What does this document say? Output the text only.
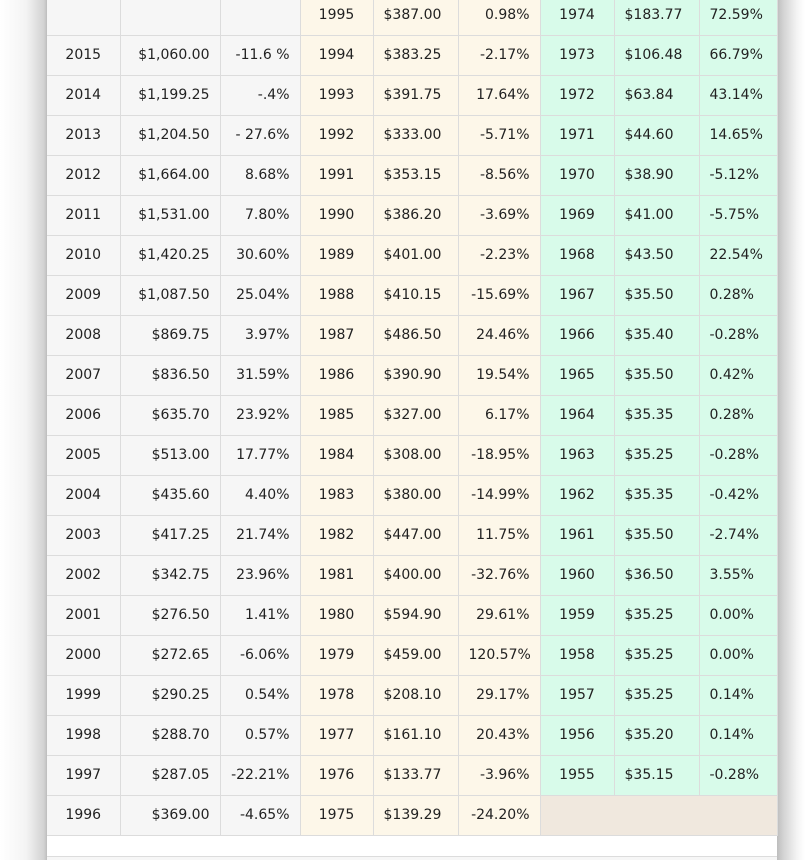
			1995	$387.00	0.98%	1974	$183.77	72.59%
2015	$1,060.00	-11.6 %	1994	$383.25	-2.17%	1973	$106.48	66.79%
2014	$1,199.25	-.4%	1993	$391.75	17.64%	1972	$63.84	43.14%
2013	$1,204.50	- 27.6%	1992	$333.00	-5.71%	1971	$44.60	14.65%
2012	$1,664.00	8.68%	1991	$353.15	-8.56%	1970	$38.90	-5.12%
2011	$1,531.00	7.80%	1990	$386.20	-3.69%	1969	$41.00	-5.75%
2010	$1,420.25	30.60%	1989	$401.00	-2.23%	1968	$43.50	22.54%
2009	$1,087.50	25.04%	1988	$410.15	-15.69%	1967	$35.50	0.28%
2008	$869.75	3.97%	1987	$486.50	24.46%	1966	$35.40	-0.28%
2007	$836.50	31.59%	1986	$390.90	19.54%	1965	$35.50	0.42%
2006	$635.70	23.92%	1985	$327.00	6.17%	1964	$35.35	0.28%
2005	$513.00	17.77%	1984	$308.00	-18.95%	1963	$35.25	-0.28%
2004	$435.60	4.40%	1983	$380.00	-14.99%	1962	$35.35	-0.42%
2003	$417.25	21.74%	1982	$447.00	11.75%	1961	$35.50	-2.74%
2002	$342.75	23.96%	1981	$400.00	-32.76%	1960	$36.50	3.55%
2001	$276.50	1.41%	1980	$594.90	29.61%	1959	$35.25	0.00%
2000	$272.65	-6.06%	1979	$459.00	120.57%	1958	$35.25	0.00%
1999	$290.25	0.54%	1978	$208.10	29.17%	1957	$35.25	0.14%
1998	$288.70	0.57%	1977	$161.10	20.43%	1956	$35.20	0.14%
1997	$287.05	-22.21%	1976	$133.77	-3.96%	1955	$35.15	-0.28%
1996	$369.00	-4.65%	1975	$139.29	-24.20%			
